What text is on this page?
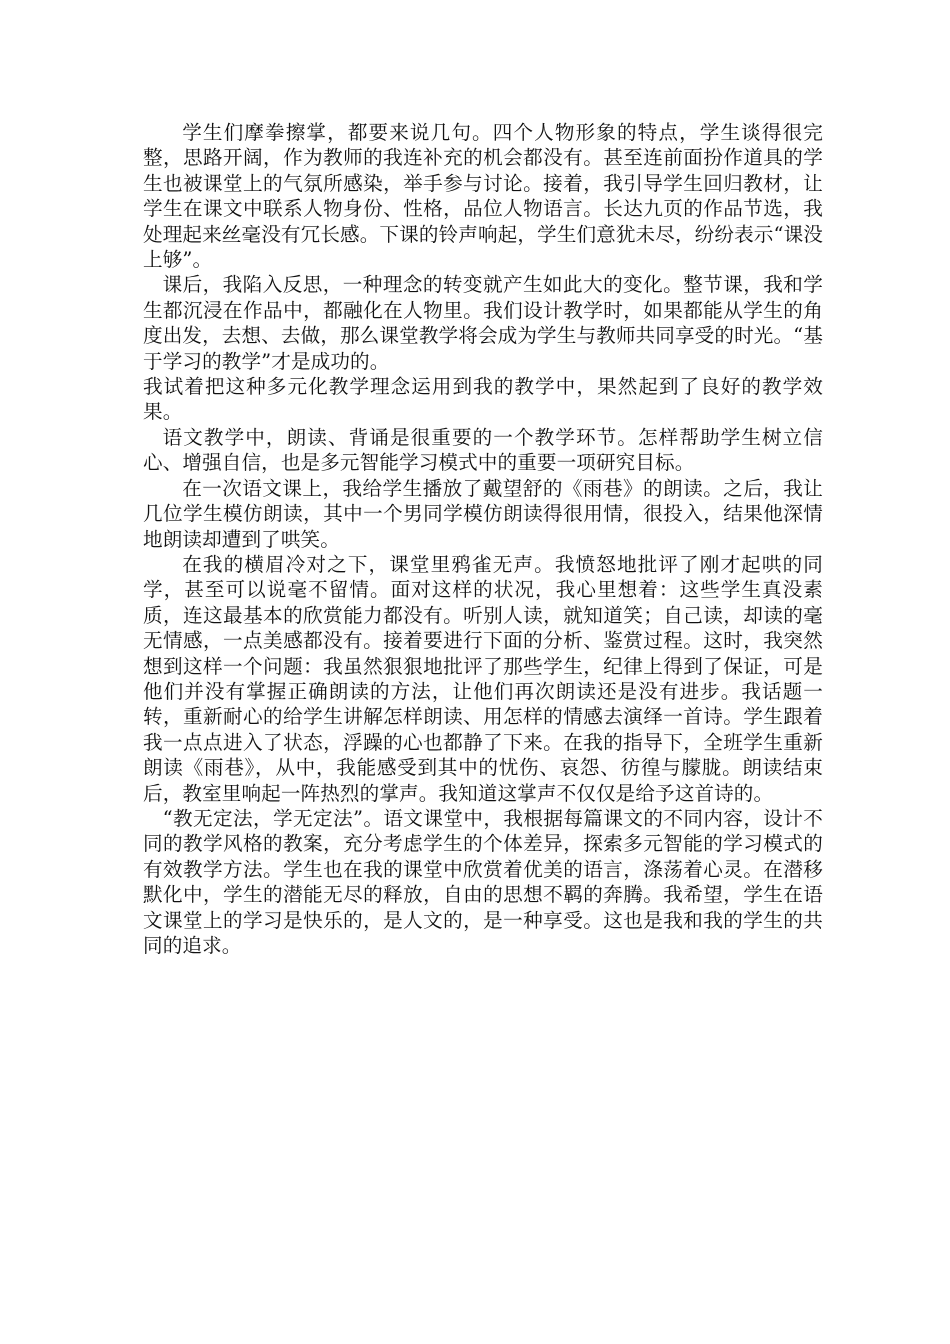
学生们摩拳擦掌，都要来说几句。四个人物形象的特点，学生谈得很完整，思路开阔，作为教师的我连补充的机会都没有。甚至连前面扮作道具的学生也被课堂上的气氛所感染，举手参与讨论。接着，我引导学生回归教材，让学生在课文中联系人物身份、性格，品位人物语言。长达九页的作品节选，我处理起来丝毫没有冗长感。下课的铃声响起，学生们意犹未尽，纷纷表示“课没上够”。

课后，我陷入反思，一种理念的转变就产生如此大的变化。整节课，我和学生都沉浸在作品中，都融化在人物里。我们设计教学时，如果都能从学生的角度出发，去想、去做，那么课堂教学将会成为学生与教师共同享受的时光。“基于学习的教学”才是成功的。

我试着把这种多元化教学理念运用到我的教学中，果然起到了良好的教学效果。

语文教学中，朗读、背诵是很重要的一个教学环节。怎样帮助学生树立信心、增强自信，也是多元智能学习模式中的重要一项研究目标。

在一次语文课上，我给学生播放了戴望舒的《雨巷》的朗读。之后，我让几位学生模仿朗读，其中一个男同学模仿朗读得很用情，很投入，结果他深情地朗读却遭到了哄笑。

在我的横眉冷对之下，课堂里鸦雀无声。我愤怒地批评了刚才起哄的同学，甚至可以说毫不留情。面对这样的状况，我心里想着：这些学生真没素质，连这最基本的欣赏能力都没有。听别人读，就知道笑；自己读，却读的毫无情感，一点美感都没有。接着要进行下面的分析、鉴赏过程。这时，我突然想到这样一个问题：我虽然狠狠地批评了那些学生，纪律上得到了保证，可是他们并没有掌握正确朗读的方法，让他们再次朗读还是没有进步。我话题一转，重新耐心的给学生讲解怎样朗读、用怎样的情感去演绎一首诗。学生跟着我一点点进入了状态，浮躁的心也都静了下来。在我的指导下，全班学生重新朗读《雨巷》，从中，我能感受到其中的忧伤、哀怨、彷徨与朦胧。朗读结束后，教室里响起一阵热烈的掌声。我知道这掌声不仅仅是给予这首诗的。

“教无定法，学无定法”。语文课堂中，我根据每篇课文的不同内容，设计不同的教学风格的教案，充分考虑学生的个体差异，探索多元智能的学习模式的有效教学方法。学生也在我的课堂中欣赏着优美的语言，涤荡着心灵。在潜移默化中，学生的潜能无尽的释放，自由的思想不羁的奔腾。我希望，学生在语文课堂上的学习是快乐的，是人文的，是一种享受。这也是我和我的学生的共同的追求。
